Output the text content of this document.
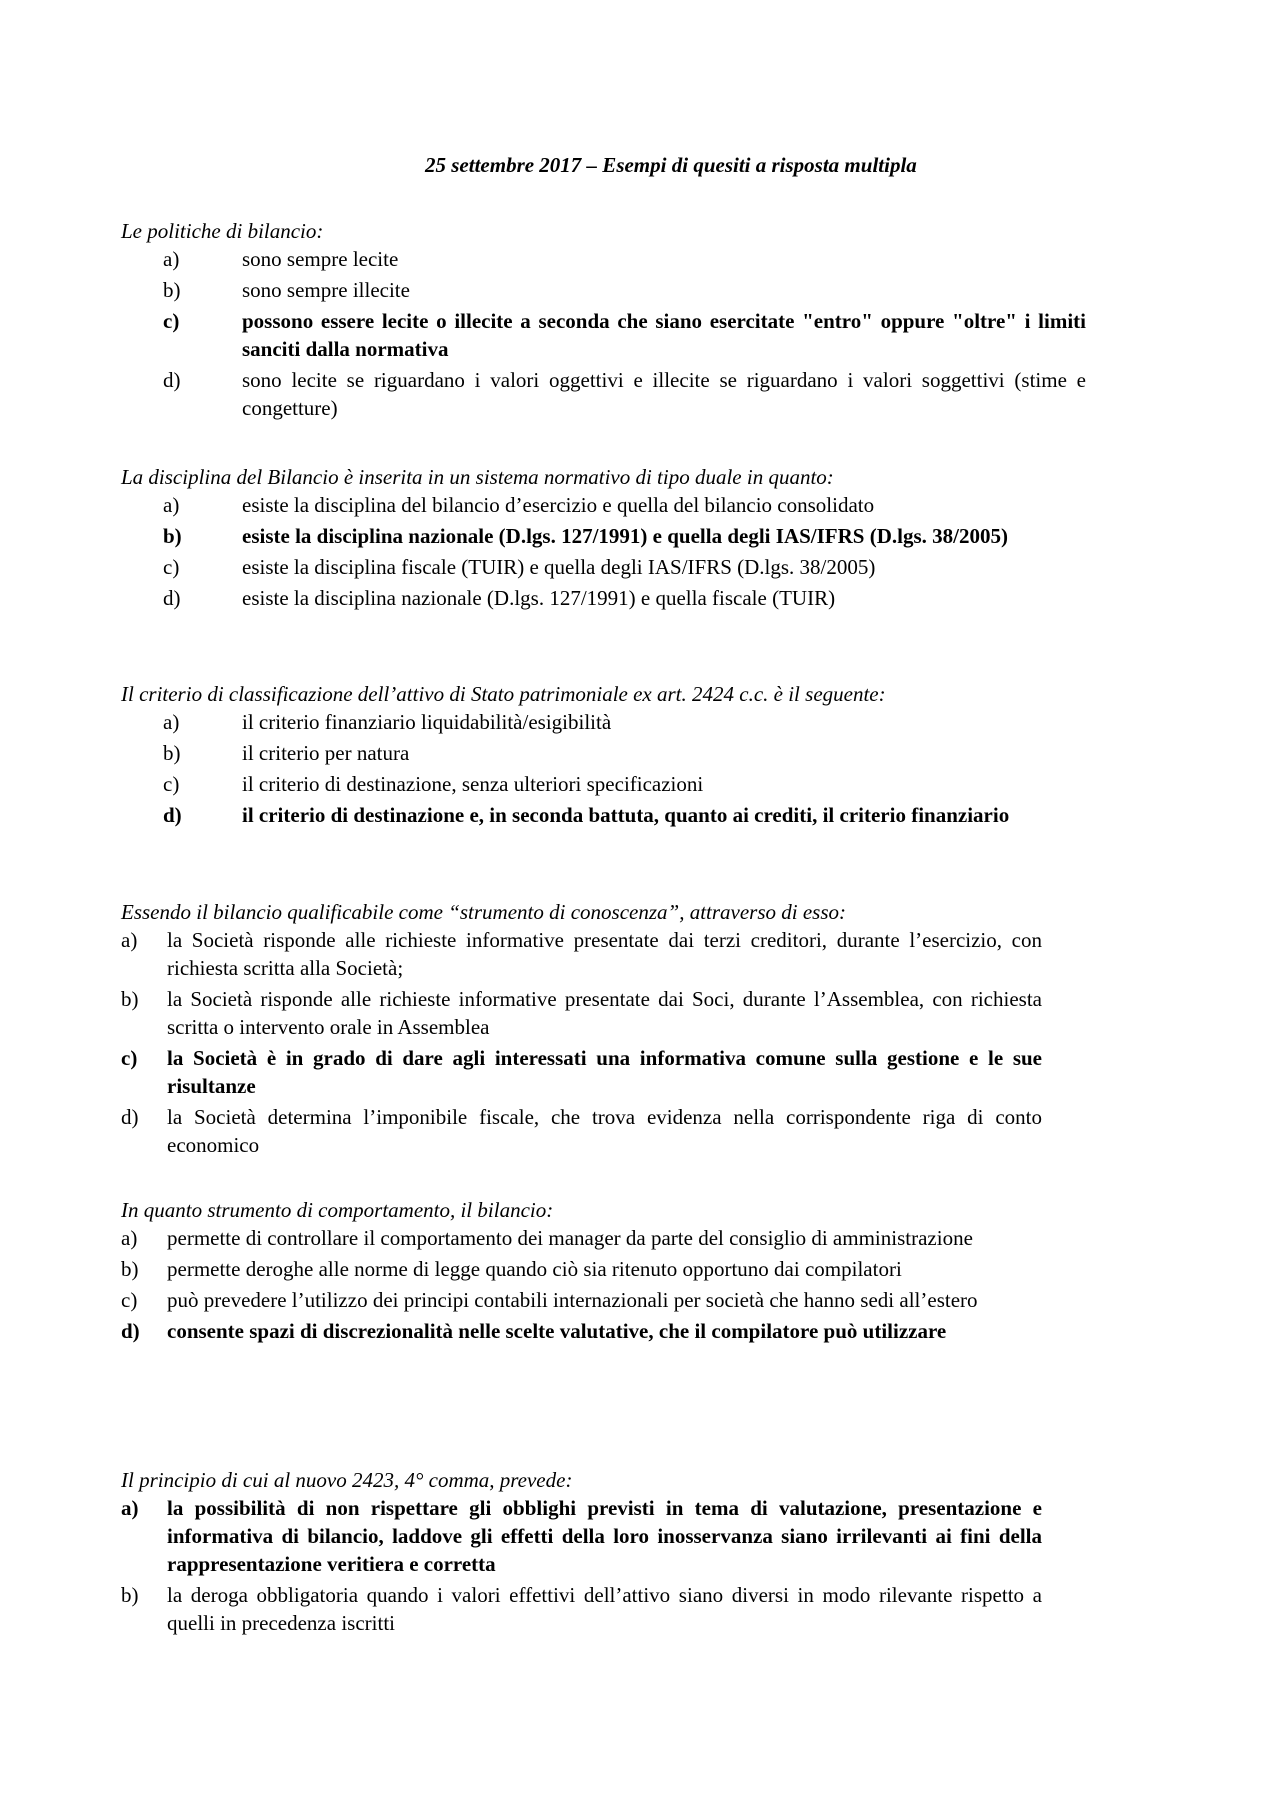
25 settembre 2017 – Esempi di quesiti a risposta multipla

Le politiche di bilancio:

a)	sono sempre lecite
b)	sono sempre illecite
c)	possono essere lecite o illecite a seconda che siano esercitate "entro" oppure "oltre" i limiti sanciti dalla normativa
d)	sono lecite se riguardano i valori oggettivi e illecite se riguardano i valori soggettivi (stime e congetture)

La disciplina del Bilancio è inserita in un sistema normativo di tipo duale in quanto:

a)	esiste la disciplina del bilancio d’esercizio e quella del bilancio consolidato
b)	esiste la disciplina nazionale (D.lgs. 127/1991) e quella degli IAS/IFRS (D.lgs. 38/2005)
c)	esiste la disciplina fiscale (TUIR) e quella degli IAS/IFRS (D.lgs. 38/2005)
d)	esiste la disciplina nazionale (D.lgs. 127/1991) e quella fiscale (TUIR)

Il criterio di classificazione dell’attivo di Stato patrimoniale ex art. 2424 c.c. è il seguente:

a)	il criterio finanziario liquidabilità/esigibilità
b)	il criterio per natura
c)	il criterio di destinazione, senza ulteriori specificazioni
d)	il criterio di destinazione e, in seconda battuta, quanto ai crediti, il criterio finanziario

Essendo il bilancio qualificabile come “strumento di conoscenza”, attraverso di esso:

a) la Società risponde alle richieste informative presentate dai terzi creditori, durante l’esercizio, con richiesta scritta alla Società;
b) la Società risponde alle richieste informative presentate dai Soci, durante l’Assemblea, con richiesta scritta o intervento orale in Assemblea
c) la Società è in grado di dare agli interessati una informativa comune sulla gestione e le sue risultanze
d) la Società determina l’imponibile fiscale, che trova evidenza nella corrispondente riga di conto economico

In quanto strumento di comportamento, il bilancio:

a) permette di controllare il comportamento dei manager da parte del consiglio di amministrazione
b) permette deroghe alle norme di legge quando ciò sia ritenuto opportuno dai compilatori
c) può prevedere l’utilizzo dei principi contabili internazionali per società che hanno sedi all’estero
d) consente spazi di discrezionalità nelle scelte valutative, che il compilatore può utilizzare

Il principio di cui al nuovo 2423, 4° comma, prevede:

a) la possibilità di non rispettare gli obblighi previsti in tema di valutazione, presentazione e informativa di bilancio, laddove gli effetti della loro inosservanza siano irrilevanti ai fini della rappresentazione veritiera e corretta
b) la deroga obbligatoria quando i valori effettivi dell’attivo siano diversi in modo rilevante rispetto a quelli in precedenza iscritti
